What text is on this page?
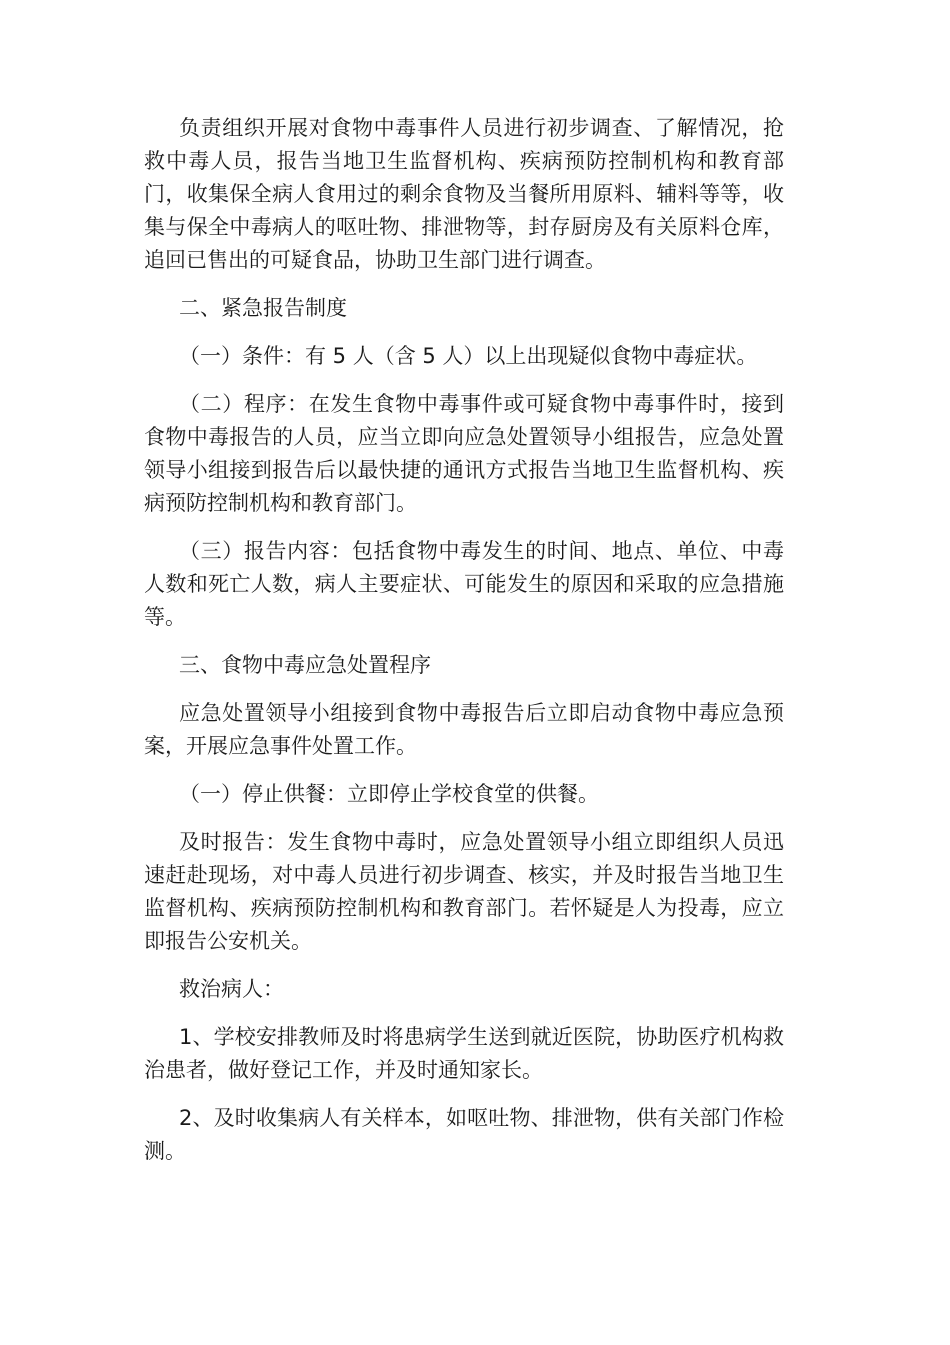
负责组织开展对食物中毒事件人员进行初步调查、了解情况，抢救中毒人员，报告当地卫生监督机构、疾病预防控制机构和教育部门，收集保全病人食用过的剩余食物及当餐所用原料、辅料等等，收集与保全中毒病人的呕吐物、排泄物等，封存厨房及有关原料仓库，追回已售出的可疑食品，协助卫生部门进行调查。

二、紧急报告制度

（一）条件：有 5 人（含 5 人）以上出现疑似食物中毒症状。

（二）程序：在发生食物中毒事件或可疑食物中毒事件时，接到食物中毒报告的人员，应当立即向应急处置领导小组报告，应急处置领导小组接到报告后以最快捷的通讯方式报告当地卫生监督机构、疾病预防控制机构和教育部门。

（三）报告内容：包括食物中毒发生的时间、地点、单位、中毒人数和死亡人数，病人主要症状、可能发生的原因和采取的应急措施等。

三、食物中毒应急处置程序

应急处置领导小组接到食物中毒报告后立即启动食物中毒应急预案，开展应急事件处置工作。

（一）停止供餐：立即停止学校食堂的供餐。

及时报告：发生食物中毒时，应急处置领导小组立即组织人员迅速赶赴现场，对中毒人员进行初步调查、核实，并及时报告当地卫生监督机构、疾病预防控制机构和教育部门。若怀疑是人为投毒，应立即报告公安机关。

救治病人：

1、学校安排教师及时将患病学生送到就近医院，协助医疗机构救治患者，做好登记工作，并及时通知家长。

2、及时收集病人有关样本，如呕吐物、排泄物，供有关部门作检测。
